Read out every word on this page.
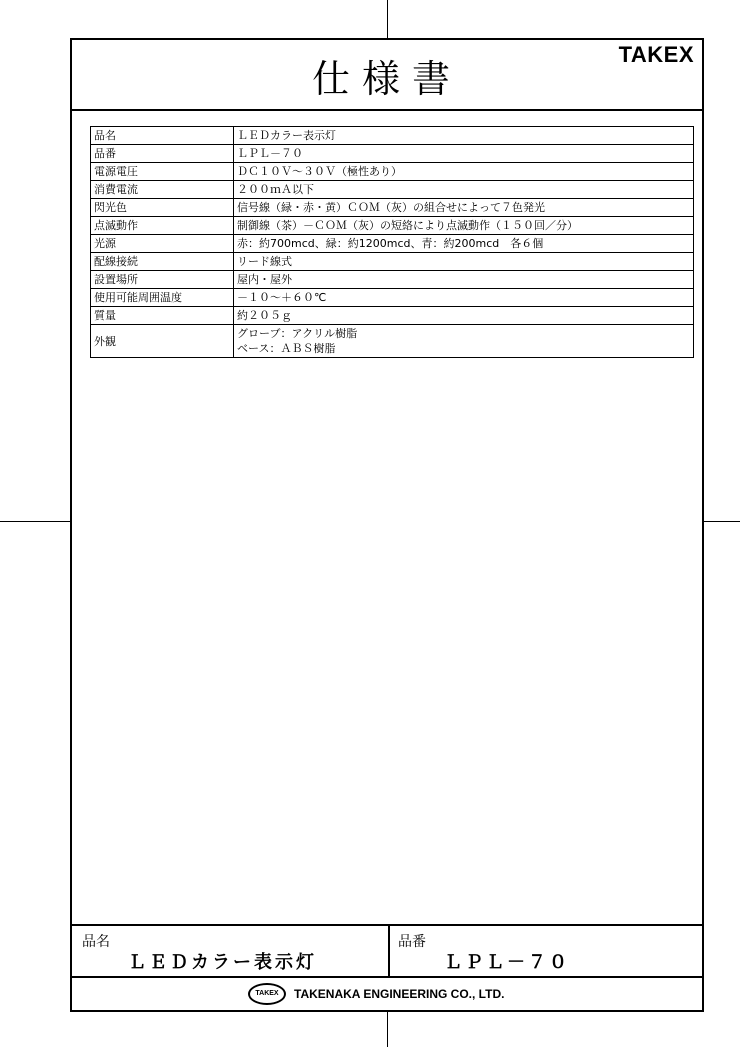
仕様書
TAKEX
品名	ＬＥＤカラー表示灯

品番	ＬＰＬ－７０

電源電圧	ＤＣ１０Ｖ～３０Ｖ（極性あり）

消費電流	２００ｍＡ以下

閃光色	信号線（緑・赤・黄）ＣＯＭ（灰）の組合せによって７色発光

点滅動作	制御線（茶）－ＣＯＭ（灰）の短絡により点滅動作（１５０回／分）

光源	赤：約700mcd、緑：約1200mcd、青：約200mcd　各６個

配線接続	リード線式

設置場所	屋内・屋外

使用可能周囲温度	－１０～＋６０℃

質量	約２０５ｇ

外観	グローブ：アクリル樹脂
ベース：ＡＢＳ樹脂
品名
ＬＥＤカラー表示灯
品番
ＬＰＬ－７０
TAKEX	TAKENAKA ENGINEERING CO., LTD.
